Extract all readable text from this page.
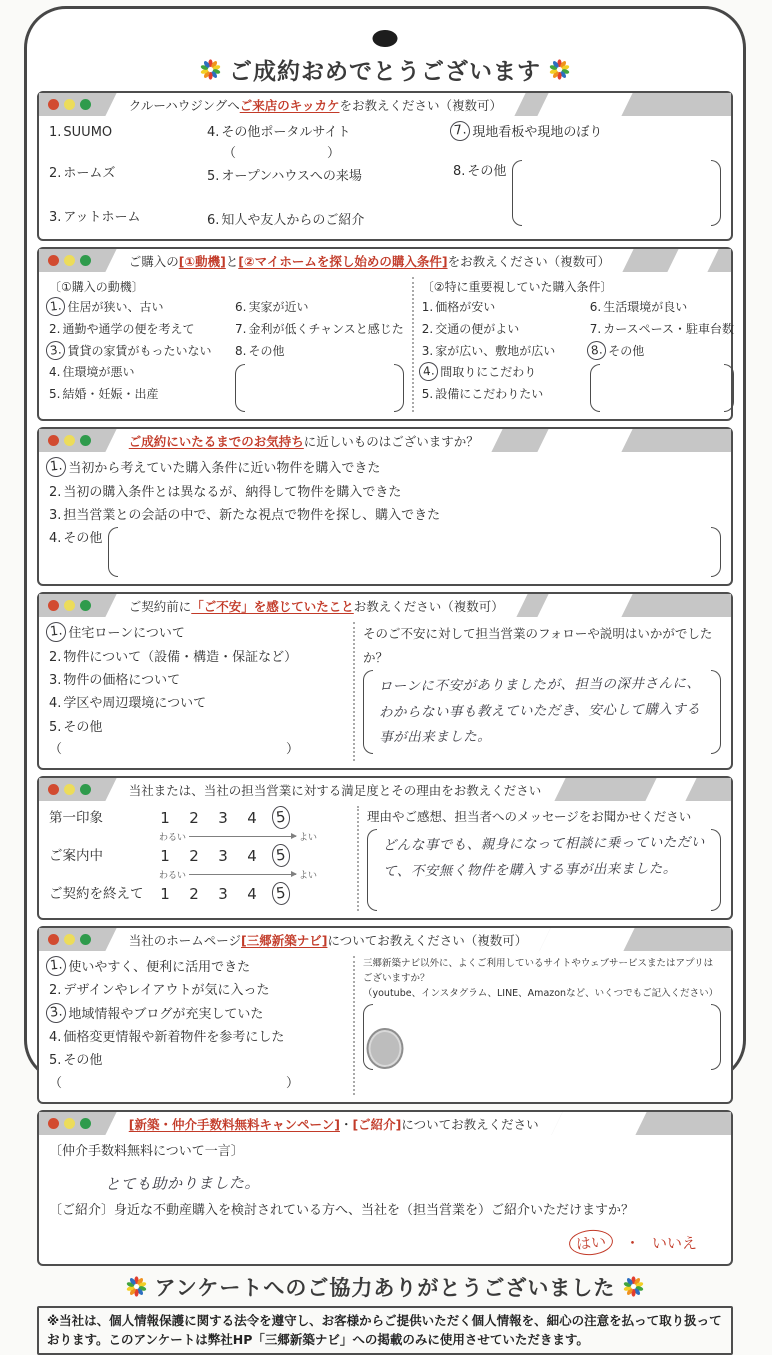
ご成約おめでとうございます
クルーハウジングへご来店のキッカケをお教えください（複数可）
1. SUUMO
2. ホームズ
3. アットホーム
4. その他ポータルサイト
（　　　　　　　）
5. オープンハウスへの来場
6. 知人や友人からのご紹介
7. 現地看板や現地のぼり
8. その他
ご購入の[①動機]と[②マイホームを探し始めの購入条件]をお教えください（複数可）
〔①購入の動機〕
1. 住居が狭い、古い
2. 通勤や通学の便を考えて
3. 賃貸の家賃がもったいない
4. 住環境が悪い
5. 結婚・妊娠・出産
6. 実家が近い
7. 金利が低くチャンスと感じた
8. その他
〔②特に重要視していた購入条件〕
1. 価格が安い
2. 交通の便がよい
3. 家が広い、敷地が広い
4. 間取りにこだわり
5. 設備にこだわりたい
6. 生活環境が良い
7. カースペース・駐車台数
8. その他
ご成約にいたるまでのお気持ちに近しいものはございますか？
1. 当初から考えていた購入条件に近い物件を購入できた
2. 当初の購入条件とは異なるが、納得して物件を購入できた
3. 担当営業との会話の中で、新たな視点で物件を探し、購入できた
4. その他
ご契約前に「ご不安」を感じていたことお教えください（複数可）
1. 住宅ローンについて
2. 物件について（設備・構造・保証など）
3. 物件の価格について
4. 学区や周辺環境について
5. その他
（	）
そのご不安に対して担当営業のフォローや説明はいかがでしたか？
ローンに不安がありましたが、担当の深井さんに、わからない事も教えていただき、安心して購入する事が出来ました。
当社または、当社の担当営業に対する満足度とその理由をお教えください
第一印象	1 2 3 4 5
わるい	よい
ご案内中	1 2 3 4 5
わるい	よい
ご契約を終えて	1 2 3 4 5
理由やご感想、担当者へのメッセージをお聞かせください
どんな事でも、親身になって相談に乗っていただいて、不安無く物件を購入する事が出来ました。
当社のホームページ[三郷新築ナビ]についてお教えください（複数可）
1. 使いやすく、便利に活用できた
2. デザインやレイアウトが気に入った
3. 地域情報やブログが充実していた
4. 価格変更情報や新着物件を参考にした
5. その他
（	）
三郷新築ナビ以外に、よくご利用しているサイトやウェブサービスまたはアプリはございますか？
（youtube、インスタグラム、LINE、Amazonなど、いくつでもご記入ください）
[新築・仲介手数料無料キャンペーン]・[ご紹介]についてお教えください
〔仲介手数料無料について一言〕
とても助かりました。
〔ご紹介〕身近な不動産購入を検討されている方へ、当社を（担当営業を）ご紹介いただけますか？
はい	・ いいえ
アンケートへのご協力ありがとうございました
※当社は、個人情報保護に関する法令を遵守し、お客様からご提供いただく個人情報を、細心の注意を払って取り扱っております。このアンケートは弊社HP「三郷新築ナビ」への掲載のみに使用させていただきます。
